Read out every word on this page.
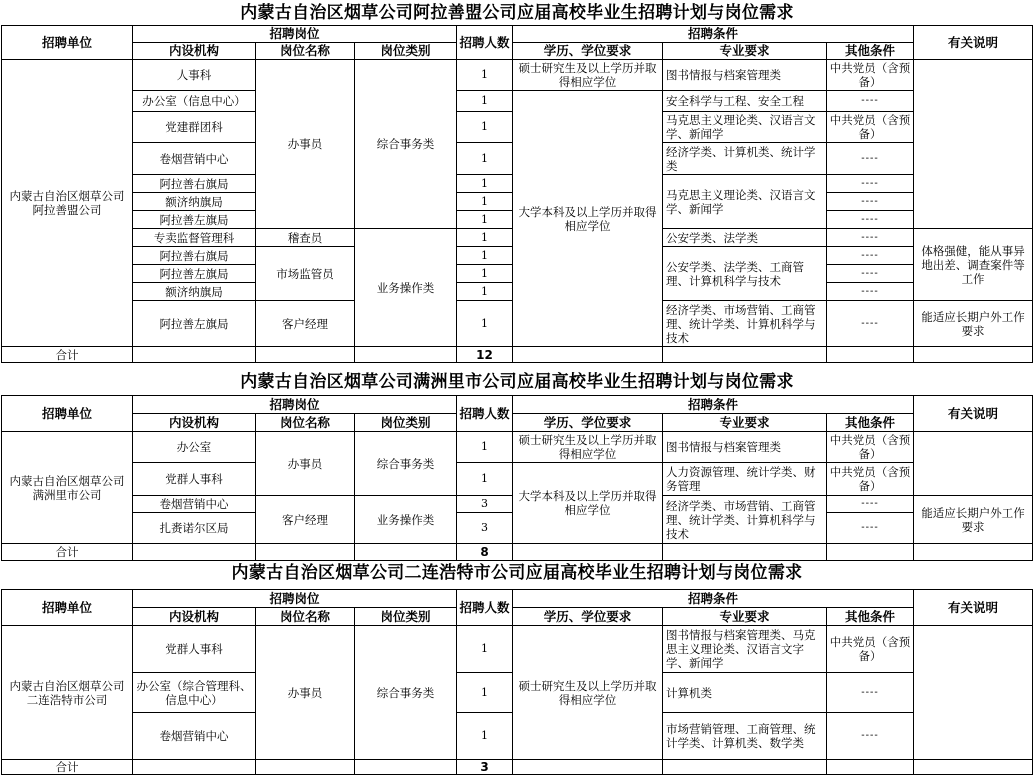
内蒙古自治区烟草公司阿拉善盟公司应届高校毕业生招聘计划与岗位需求
招聘单位	招聘岗位			招聘人数	招聘条件			有关说明
	内设机构	岗位名称	岗位类别		学历、学位要求	专业要求	其他条件	
内蒙古自治区烟草公司阿拉善盟公司	人事科	办事员	综合事务类	1	硕士研究生及以上学历并取得相应学位	图书情报与档案管理类	中共党员（含预备）	
	办公室（信息中心）			1	大学本科及以上学历并取得相应学位	安全科学与工程、安全工程	----	
	党建群团科			1		马克思主义理论类、汉语言文学、新闻学	中共党员（含预备）	
	卷烟营销中心			1		经济学类、计算机类、统计学类	----	
	阿拉善右旗局			1		马克思主义理论类、汉语言文学、新闻学	----	
	额济纳旗局			1			----	
	阿拉善左旗局			1			----	
	专卖监督管理科	稽查员	业务操作类	1		公安学类、法学类	----	体格强健，能从事异地出差、调查案件等工作
	阿拉善右旗局	市场监管员		1		公安学类、法学类、工商管理、计算机科学与技术	----	
	阿拉善左旗局			1			----	
	额济纳旗局			1			----	
	阿拉善左旗局	客户经理		1		经济学类、市场营销、工商管理、统计学类、计算机科学与技术	----	能适应长期户外工作要求
合计				12				
内蒙古自治区烟草公司满洲里市公司应届高校毕业生招聘计划与岗位需求
招聘单位	招聘岗位			招聘人数	招聘条件			有关说明
	内设机构	岗位名称	岗位类别		学历、学位要求	专业要求	其他条件	
内蒙古自治区烟草公司满洲里市公司	办公室	办事员	综合事务类	1	硕士研究生及以上学历并取得相应学位	图书情报与档案管理类	中共党员（含预备）	
	党群人事科			1	大学本科及以上学历并取得相应学位	人力资源管理、统计学类、财务管理	中共党员（含预备）	
	卷烟营销中心	客户经理	业务操作类	3		经济学类、市场营销、工商管理、统计学类、计算机科学与技术	----	能适应长期户外工作要求
	扎赉诺尔区局			3			----	
合计				8				
内蒙古自治区烟草公司二连浩特市公司应届高校毕业生招聘计划与岗位需求
招聘单位	招聘岗位			招聘人数	招聘条件			有关说明
	内设机构	岗位名称	岗位类别		学历、学位要求	专业要求	其他条件	
内蒙古自治区烟草公司二连浩特市公司	党群人事科	办事员	综合事务类	1	硕士研究生及以上学历并取得相应学位	图书情报与档案管理类、马克思主义理论类、汉语言文字学、新闻学	中共党员（含预备）	
	办公室（综合管理科、信息中心）			1		计算机类	----	
	卷烟营销中心			1		市场营销管理、工商管理、统计学类、计算机类、数学类	----	
合计				3				
